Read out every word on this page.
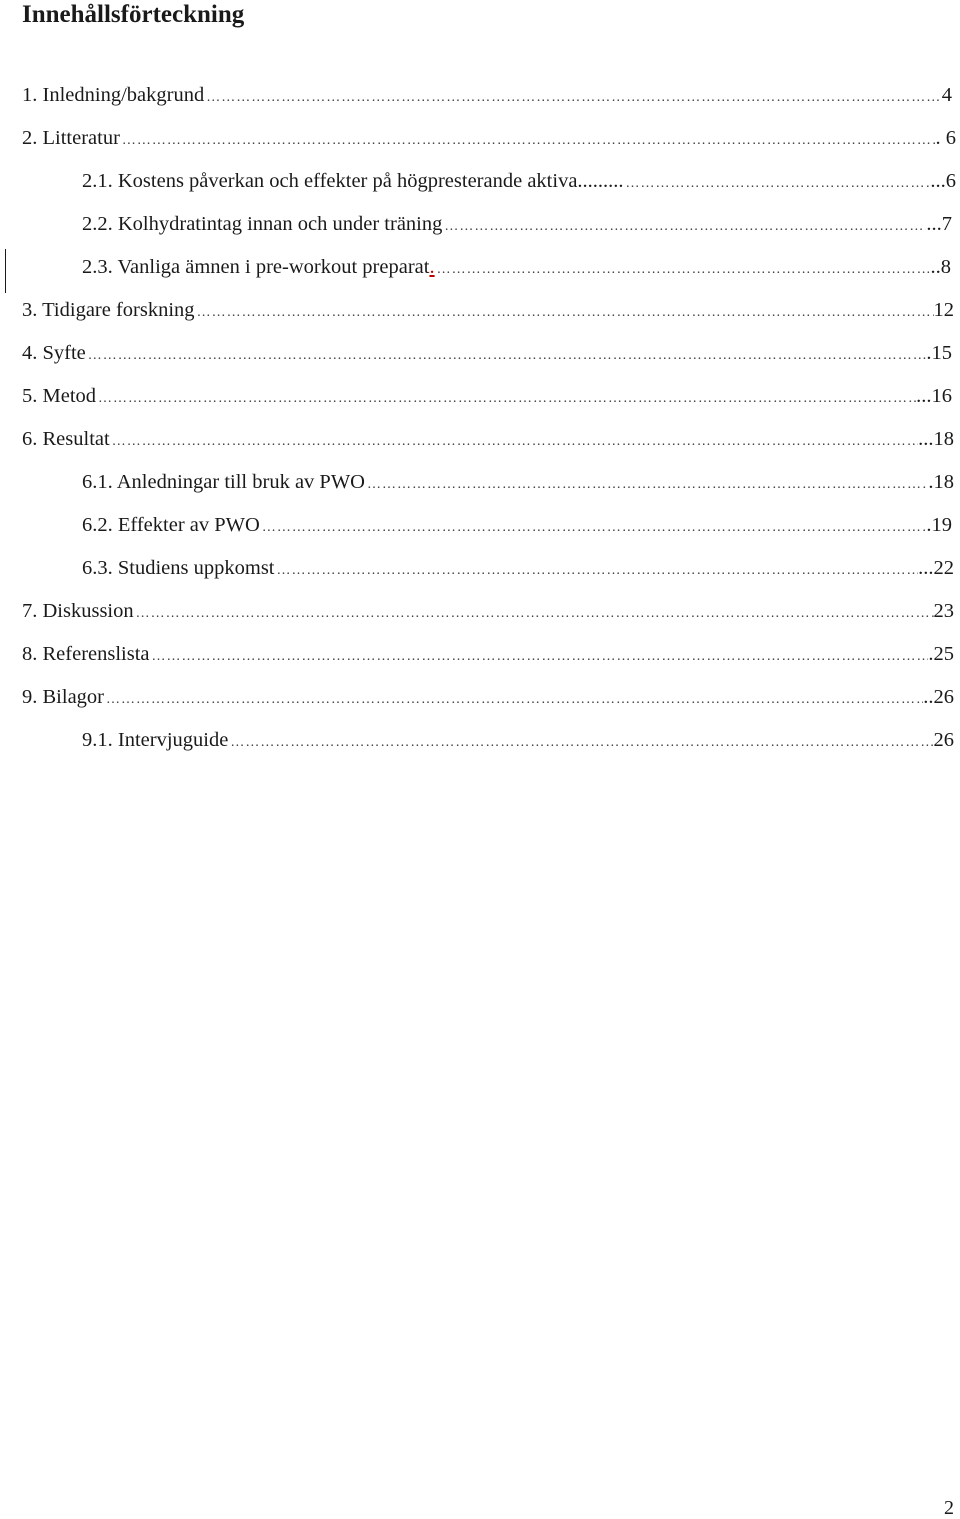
Innehållsförteckning
1. Inledning/bakgrund ………………………………………………………………………………………………………………………………………………………………	4
2. Litteratur ………………………………………………………………………………………………………………………………………………………………	. 6
2.1. Kostens påverkan och effekter på högpresterande aktiva......... ………………………………………………………………………………………………………………………………………………………………	...6
2.2. Kolhydratintag innan och under träning ………………………………………………………………………………………………………………………………………………………………	...7
2.3. Vanliga ämnen i pre-workout preparat . ………………………………………………………………………………………………………………………………………………………………	..8
3. Tidigare forskning ………………………………………………………………………………………………………………………………………………………………	12
4. Syfte ………………………………………………………………………………………………………………………………………………………………	.15
5. Metod ………………………………………………………………………………………………………………………………………………………………	...16
6. Resultat ………………………………………………………………………………………………………………………………………………………………	...18
6.1. Anledningar till bruk av PWO ………………………………………………………………………………………………………………………………………………………………	.18
6.2. Effekter av PWO ………………………………………………………………………………………………………………………………………………………………	.19
6.3. Studiens uppkomst ………………………………………………………………………………………………………………………………………………………………	...22
7. Diskussion ………………………………………………………………………………………………………………………………………………………………	23
8. Referenslista ………………………………………………………………………………………………………………………………………………………………	.25
9. Bilagor ………………………………………………………………………………………………………………………………………………………………	..26
9.1. Intervjuguide ………………………………………………………………………………………………………………………………………………………………	26
2
